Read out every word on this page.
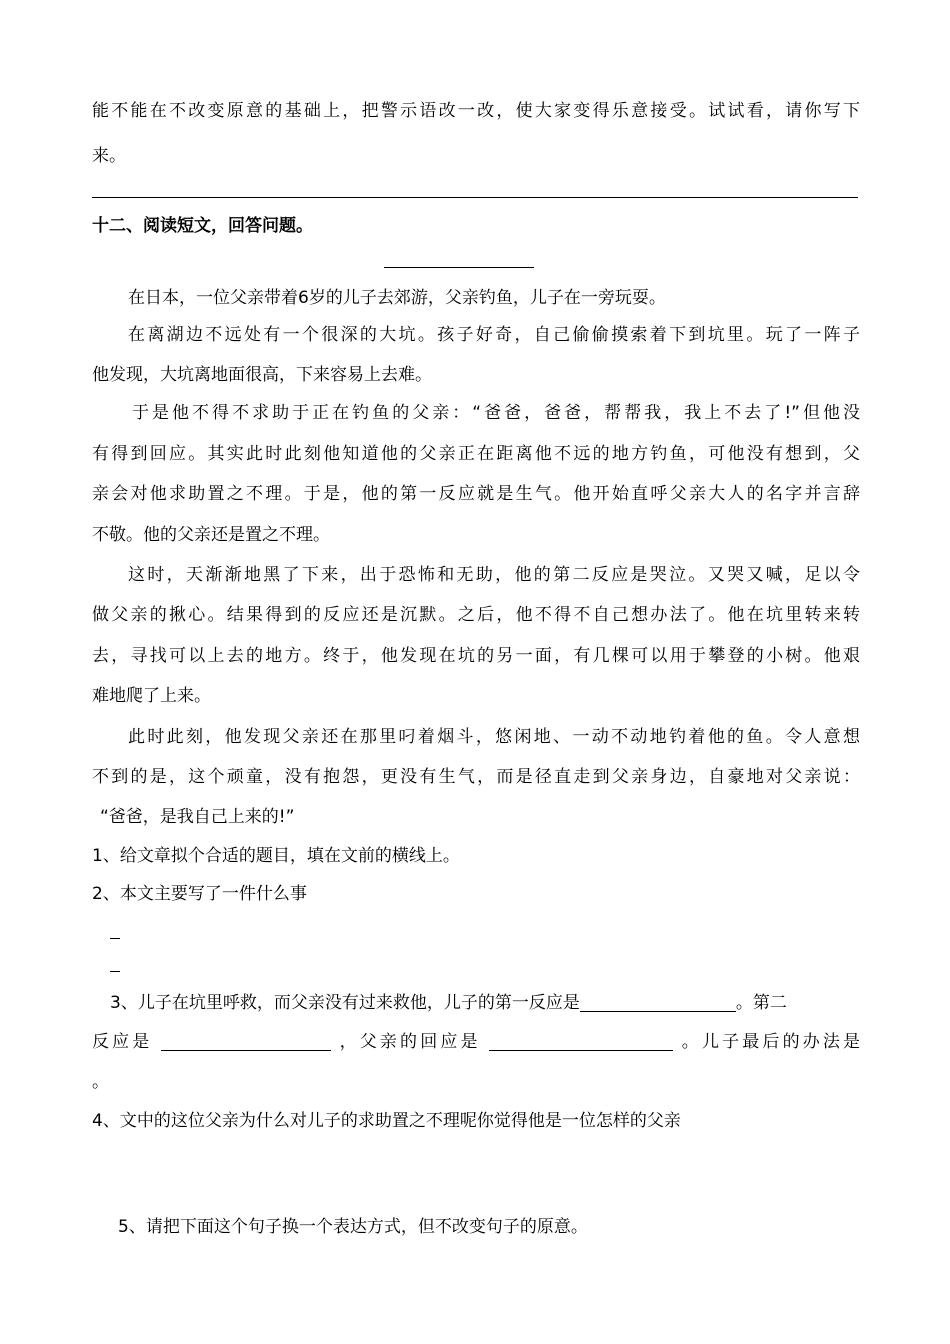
能不能在不改变原意的基础上，把警示语改一改，使大家变得乐意接受。试试看，请你写下
来。
十二、阅读短文，回答问题。
在日本，一位父亲带着6岁的儿子去郊游，父亲钓鱼，儿子在一旁玩耍。
在离湖边不远处有一个很深的大坑。孩子好奇，自己偷偷摸索着下到坑里。玩了一阵子
他发现，大坑离地面很高，下来容易上去难。
于是他不得不求助于正在钓鱼的父亲：“爸爸，爸爸，帮帮我，我上不去了!”但他没
有得到回应。其实此时此刻他知道他的父亲正在距离他不远的地方钓鱼，可他没有想到，父
亲会对他求助置之不理。于是，他的第一反应就是生气。他开始直呼父亲大人的名字并言辞
不敬。他的父亲还是置之不理。
这时，天渐渐地黑了下来，出于恐怖和无助，他的第二反应是哭泣。又哭又喊，足以令
做父亲的揪心。结果得到的反应还是沉默。之后，他不得不自己想办法了。他在坑里转来转
去，寻找可以上去的地方。终于，他发现在坑的另一面，有几棵可以用于攀登的小树。他艰
难地爬了上来。
此时此刻，他发现父亲还在那里叼着烟斗，悠闲地、一动不动地钓着他的鱼。令人意想
不到的是，这个顽童，没有抱怨，更没有生气，而是径直走到父亲身边，自豪地对父亲说：
“爸爸，是我自己上来的!”
1、给文章拟个合适的题目，填在文前的横线上。
2、本文主要写了一件什么事
3、儿子在坑里呼救，而父亲没有过来救他，儿子的第一反应是	。第二
反应是	，父亲的回应是	。儿子最后的办法是
。
4、文中的这位父亲为什么对儿子的求助置之不理呢你觉得他是一位怎样的父亲
5、请把下面这个句子换一个表达方式，但不改变句子的原意。
